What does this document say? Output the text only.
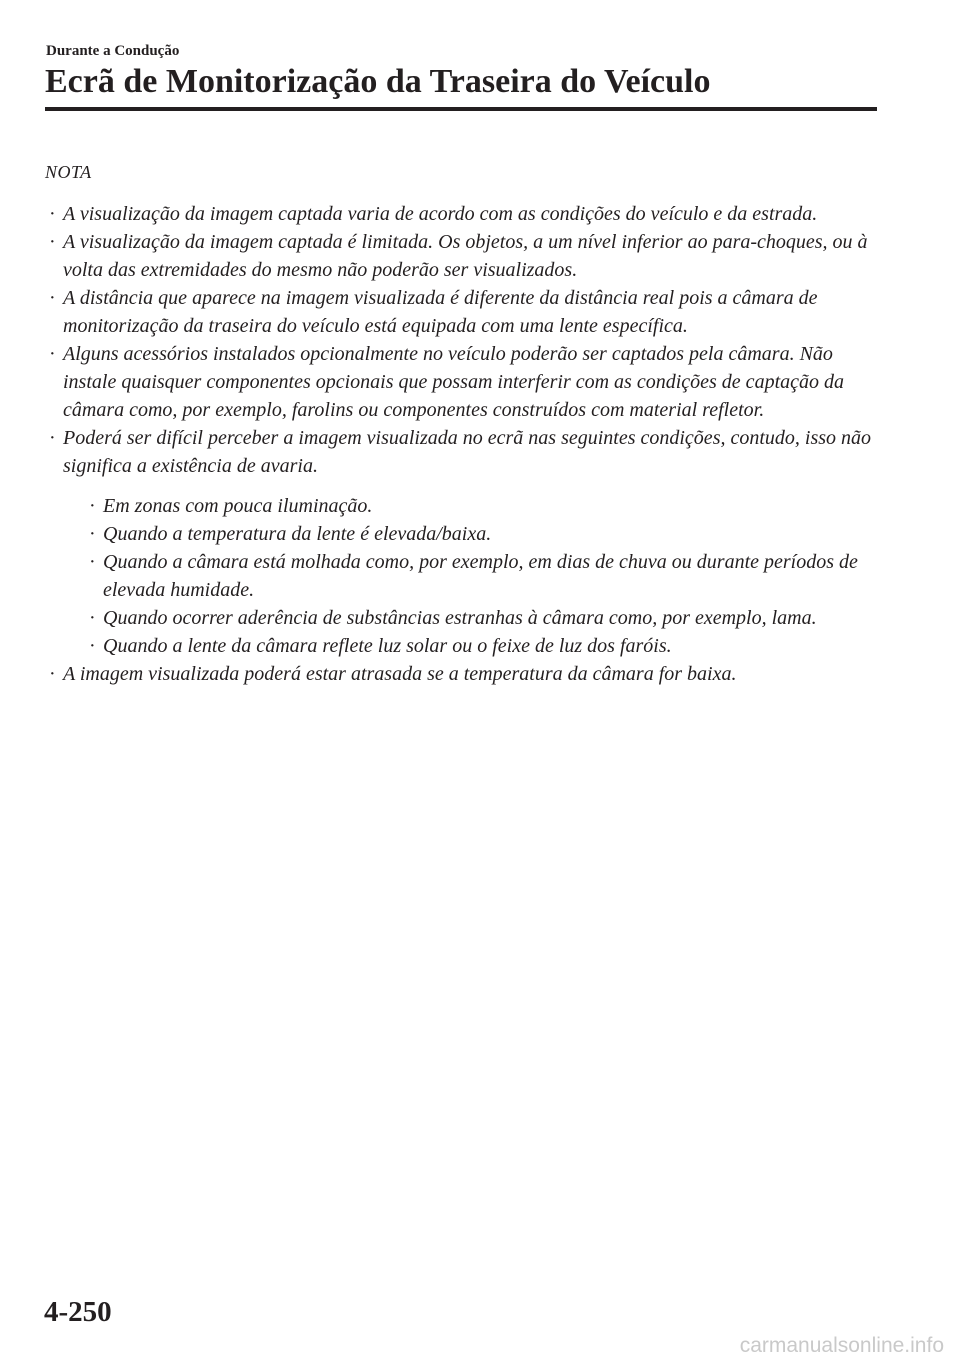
Durante a Condução
Ecrã de Monitorização da Traseira do Veículo
NOTA
· A visualização da imagem captada varia de acordo com as condições do veículo e da estrada.
· A visualização da imagem captada é limitada. Os objetos, a um nível inferior ao para-choques, ou à volta das extremidades do mesmo não poderão ser visualizados.
· A distância que aparece na imagem visualizada é diferente da distância real pois a câmara de monitorização da traseira do veículo está equipada com uma lente específica.
· Alguns acessórios instalados opcionalmente no veículo poderão ser captados pela câmara. Não instale quaisquer componentes opcionais que possam interferir com as condições de captação da câmara como, por exemplo, farolins ou componentes construídos com material refletor.
· Poderá ser difícil perceber a imagem visualizada no ecrã nas seguintes condições, contudo, isso não significa a existência de avaria.
· Em zonas com pouca iluminação.
· Quando a temperatura da lente é elevada/baixa.
· Quando a câmara está molhada como, por exemplo, em dias de chuva ou durante períodos de elevada humidade.
· Quando ocorrer aderência de substâncias estranhas à câmara como, por exemplo, lama.
· Quando a lente da câmara reflete luz solar ou o feixe de luz dos faróis.
· A imagem visualizada poderá estar atrasada se a temperatura da câmara for baixa.
4-250
carmanualsonline.info
